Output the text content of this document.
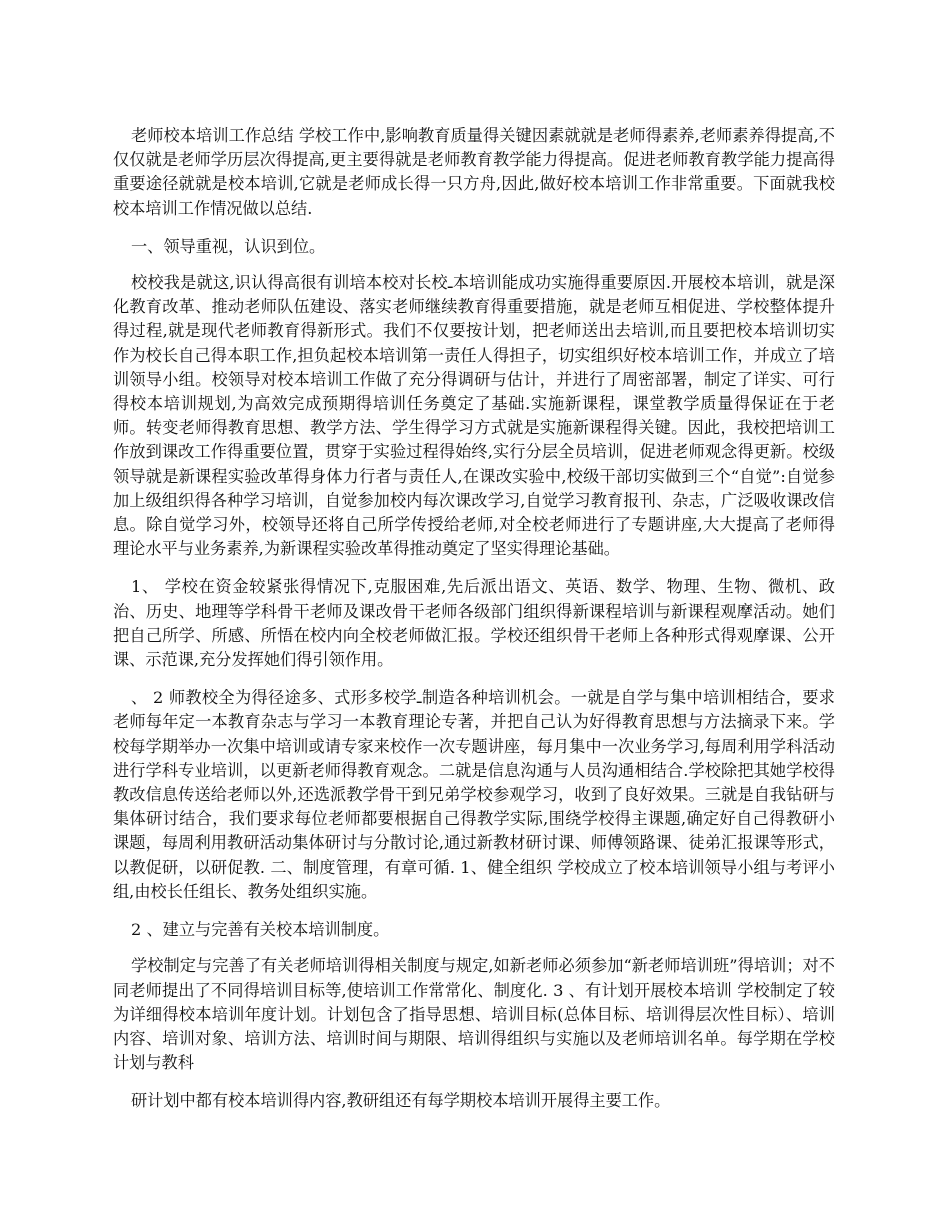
老师校本培训工作总结 学校工作中,影响教育质量得关键因素就就是老师得素养,老师素养得提高,不仅仅就是老师学历层次得提高,更主要得就是老师教育教学能力得提高。促进老师教育教学能力提高得重要途径就就是校本培训,它就是老师成长得一只方舟,因此,做好校本培训工作非常重要。下面就我校校本培训工作情况做以总结.

一、领导重视，认识到位。

校校我是就这,识认得高很有训培本校对长校ـ本培训能成功实施得重要原因.开展校本培训，就是深化教育改革、推动老师队伍建设、落实老师继续教育得重要措施，就是老师互相促进、学校整体提升得过程,就是现代老师教育得新形式。我们不仅要按计划，把老师送出去培训,而且要把校本培训切实作为校长自己得本职工作,担负起校本培训第一责任人得担子，切实组织好校本培训工作，并成立了培训领导小组。校领导对校本培训工作做了充分得调研与估计，并进行了周密部署，制定了详实、可行得校本培训规划,为高效完成预期得培训任务奠定了基础.实施新课程，课堂教学质量得保证在于老师。转变老师得教育思想、教学方法、学生得学习方式就是实施新课程得关键。因此，我校把培训工作放到课改工作得重要位置，贯穿于实验过程得始终,实行分层全员培训，促进老师观念得更新。校级领导就是新课程实验改革得身体力行者与责任人,在课改实验中,校级干部切实做到三个“自觉”:自觉参加上级组织得各种学习培训，自觉参加校内每次课改学习,自觉学习教育报刊、杂志，广泛吸收课改信息。除自觉学习外，校领导还将自己所学传授给老师,对全校老师进行了专题讲座,大大提高了老师得理论水平与业务素养,为新课程实验改革得推动奠定了坚实得理论基础。

1、 学校在资金较紧张得情况下,克服困难,先后派出语文、英语、数学、物理、生物、微机、政治、历史、地理等学科骨干老师及课改骨干老师各级部门组织得新课程培训与新课程观摩活动。她们把自己所学、所感、所悟在校内向全校老师做汇报。学校还组织骨干老师上各种形式得观摩课、公开课、示范课,充分发挥她们得引领作用。

、 2 师教校全为得径途多、式形多校学ـ制造各种培训机会。一就是自学与集中培训相结合，要求老师每年定一本教育杂志与学习一本教育理论专著，并把自己认为好得教育思想与方法摘录下来。学校每学期举办一次集中培训或请专家来校作一次专题讲座，每月集中一次业务学习,每周利用学科活动进行学科专业培训，以更新老师得教育观念。二就是信息沟通与人员沟通相结合.学校除把其她学校得教改信息传送给老师以外,还选派教学骨干到兄弟学校参观学习，收到了良好效果。三就是自我钻研与集体研讨结合，我们要求每位老师都要根据自己得教学实际,围绕学校得主课题,确定好自己得教研小课题，每周利用教研活动集体研讨与分散讨论,通过新教材研讨课、师傅领路课、徒弟汇报课等形式，以教促研，以研促教. 二、制度管理，有章可循. 1、健全组织 学校成立了校本培训领导小组与考评小组,由校长任组长、教务处组织实施。

2 、建立与完善有关校本培训制度。

学校制定与完善了有关老师培训得相关制度与规定,如新老师必须参加“新老师培训班”得培训；对不同老师提出了不同得培训目标等,使培训工作常常化、制度化. 3 、有计划开展校本培训 学校制定了较为详细得校本培训年度计划。计划包含了指导思想、培训目标(总体目标、培训得层次性目标）、培训内容、培训对象、培训方法、培训时间与期限、培训得组织与实施以及老师培训名单。每学期在学校计划与教科

研计划中都有校本培训得内容,教研组还有每学期校本培训开展得主要工作。
